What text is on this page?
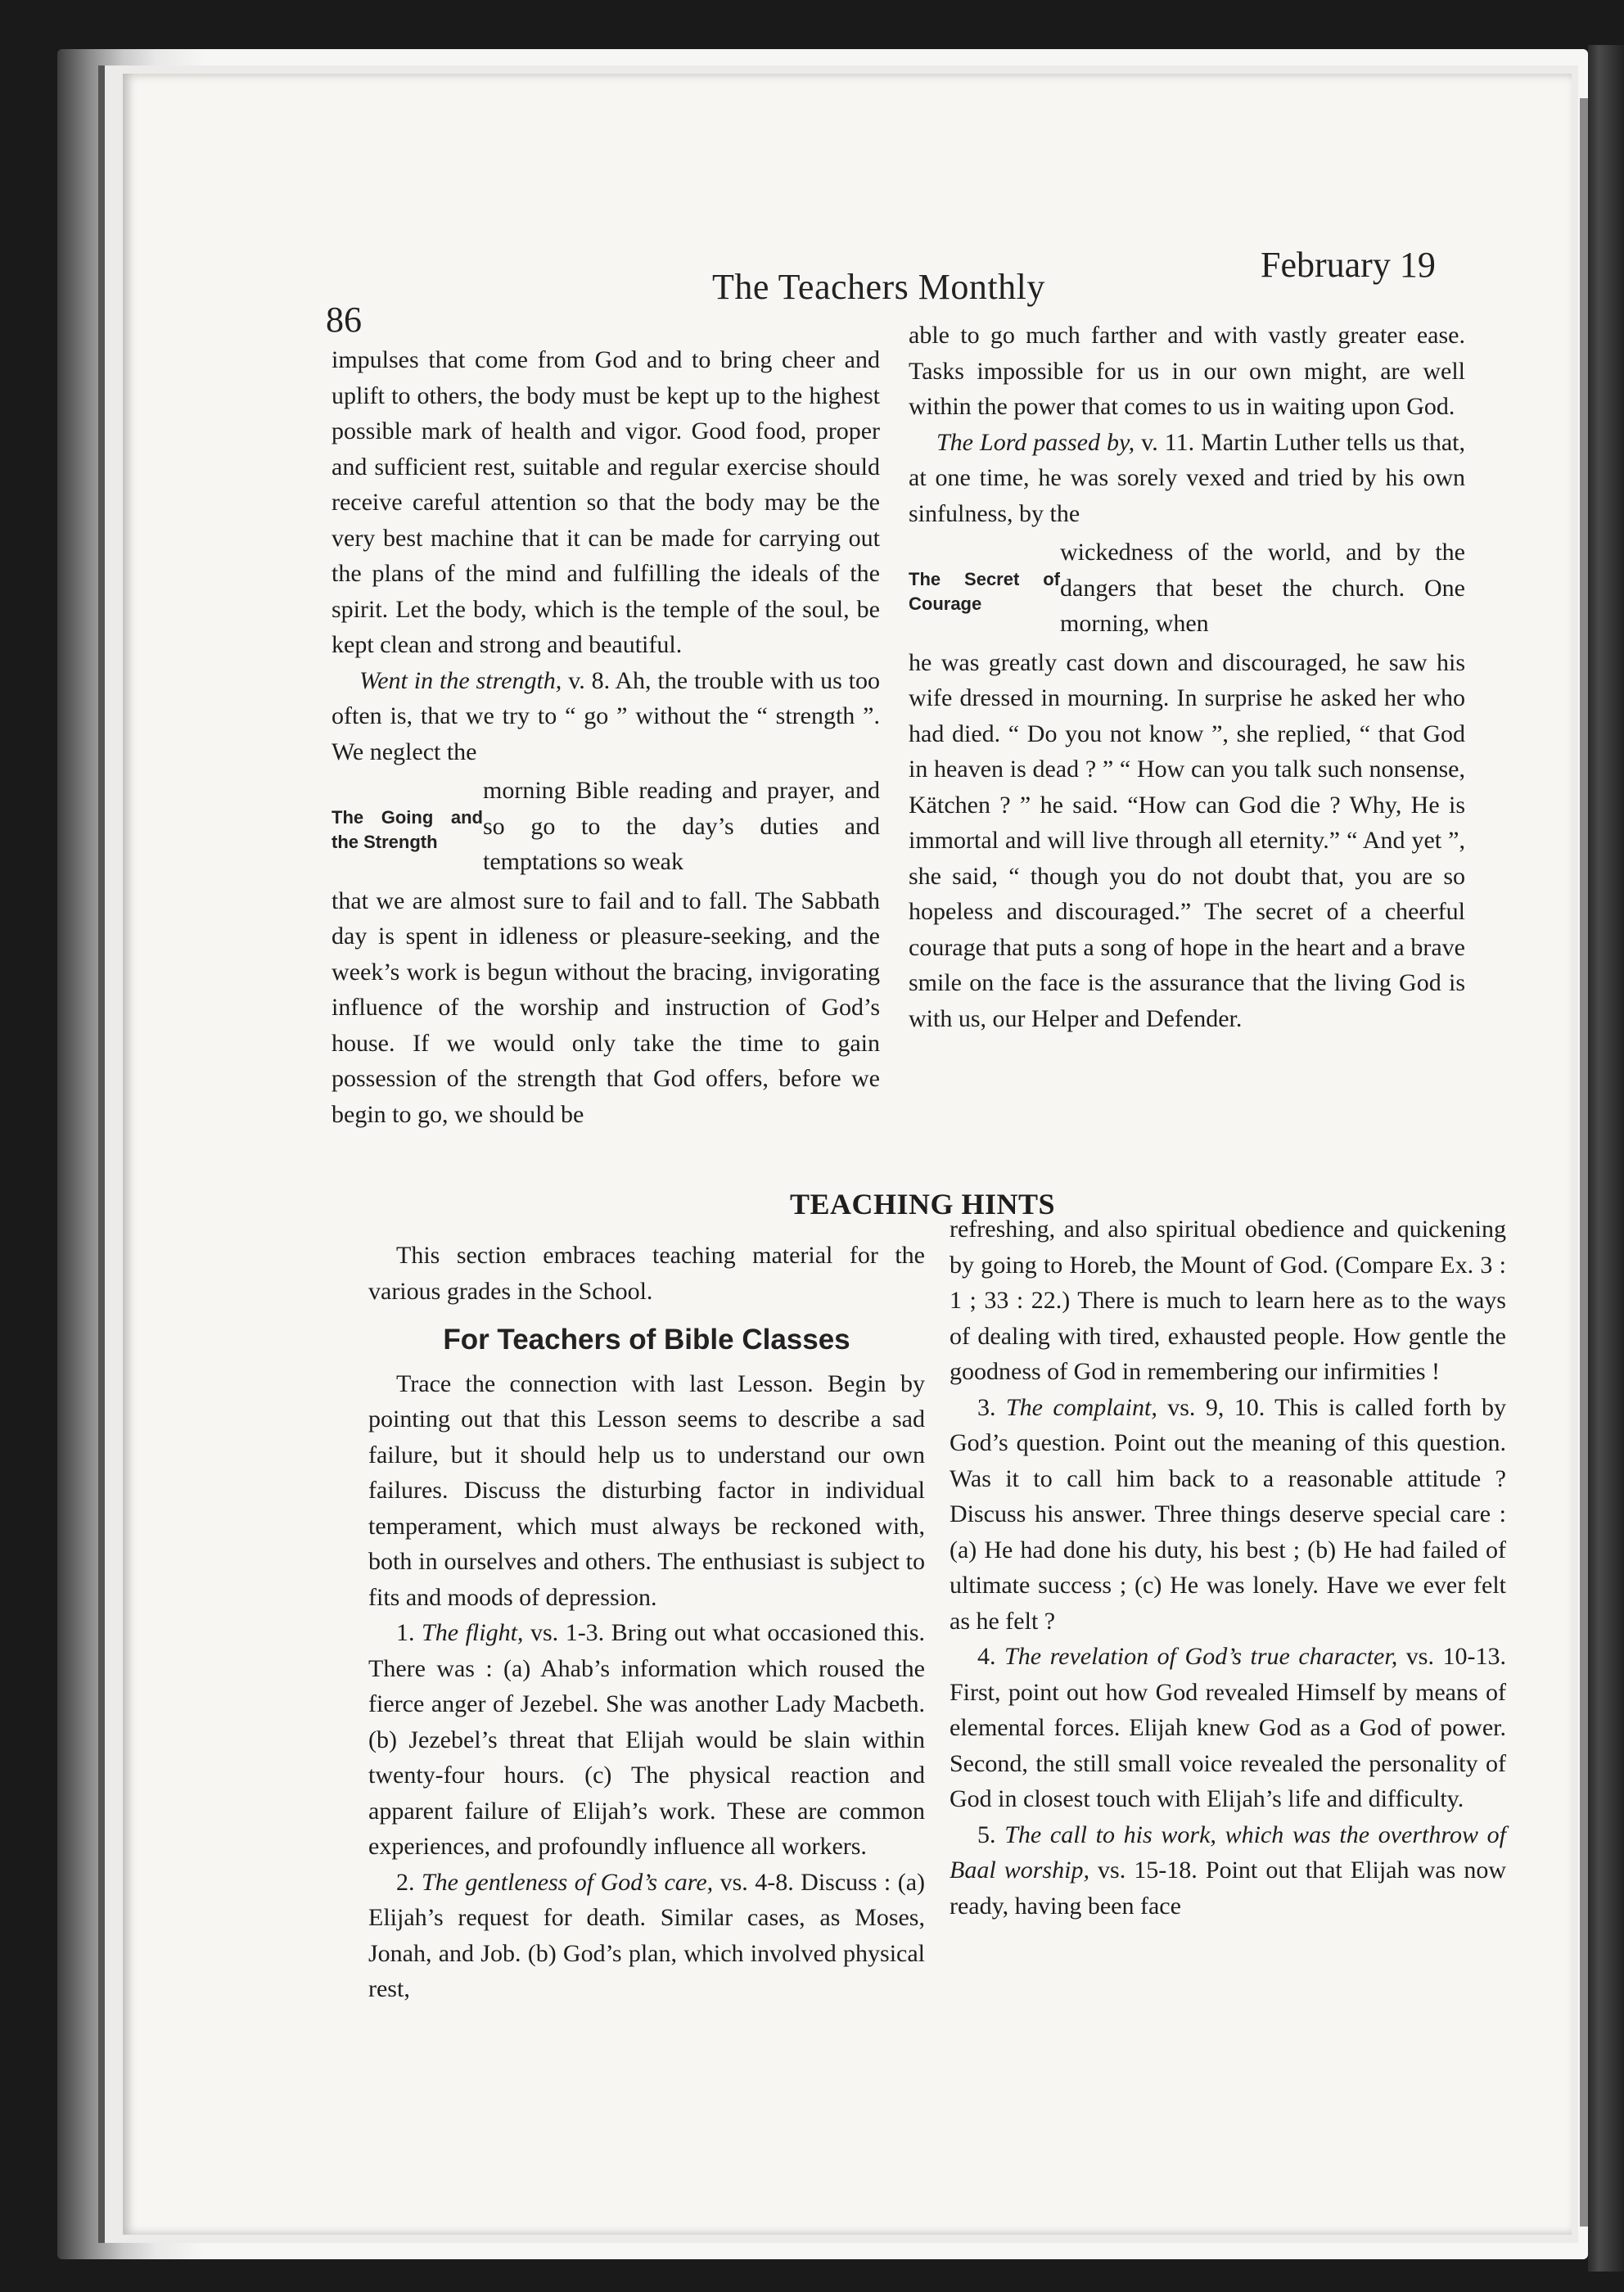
86
The Teachers Monthly
February 19

impulses that come from God and to bring cheer and uplift to others, the body must be kept up to the highest possible mark of health and vigor. Good food, proper and sufficient rest, suitable and regular exercise should receive careful attention so that the body may be the very best machine that it can be made for carrying out the plans of the mind and fulfilling the ideals of the spirit. Let the body, which is the temple of the soul, be kept clean and strong and beautiful.

Went in the strength, v. 8. Ah, the trouble with us too often is, that we try to “ go ” without the “ strength ”. We neglect the

The Going and the Strength

morning Bible reading and prayer, and so go to the day’s duties and temptations so weak

that we are almost sure to fail and to fall. The Sabbath day is spent in idleness or pleasure-seeking, and the week’s work is begun without the bracing, invigorating influence of the worship and instruction of God’s house. If we would only take the time to gain possession of the strength that God offers, before we begin to go, we should be

able to go much farther and with vastly greater ease. Tasks impossible for us in our own might, are well within the power that comes to us in waiting upon God.

The Lord passed by, v. 11. Martin Luther tells us that, at one time, he was sorely vexed and tried by his own sinfulness, by the

The Secret of Courage

wickedness of the world, and by the dangers that beset the church. One morning, when

he was greatly cast down and discouraged, he saw his wife dressed in mourning. In surprise he asked her who had died. “ Do you not know ”, she replied, “ that God in heaven is dead ? ” “ How can you talk such nonsense, Kätchen ? ” he said. “How can God die ? Why, He is immortal and will live through all eternity.” “ And yet ”, she said, “ though you do not doubt that, you are so hopeless and discouraged.” The secret of a cheerful courage that puts a song of hope in the heart and a brave smile on the face is the assurance that the living God is with us, our Helper and Defender.

TEACHING HINTS

This section embraces teaching material for the various grades in the School.

For Teachers of Bible Classes

Trace the connection with last Lesson. Begin by pointing out that this Lesson seems to describe a sad failure, but it should help us to understand our own failures. Discuss the disturbing factor in individual temperament, which must always be reckoned with, both in ourselves and others. The enthusiast is subject to fits and moods of depression.

1. The flight, vs. 1-3. Bring out what occasioned this. There was : (a) Ahab’s information which roused the fierce anger of Jezebel. She was another Lady Macbeth. (b) Jezebel’s threat that Elijah would be slain within twenty-four hours. (c) The physical reaction and apparent failure of Elijah’s work. These are common experiences, and profoundly influence all workers.

2. The gentleness of God’s care, vs. 4-8. Discuss : (a) Elijah’s request for death. Similar cases, as Moses, Jonah, and Job. (b) God’s plan, which involved physical rest,

refreshing, and also spiritual obedience and quickening by going to Horeb, the Mount of God. (Compare Ex. 3 : 1 ; 33 : 22.) There is much to learn here as to the ways of dealing with tired, exhausted people. How gentle the goodness of God in remembering our infirmities !

3. The complaint, vs. 9, 10. This is called forth by God’s question. Point out the meaning of this question. Was it to call him back to a reasonable attitude ? Discuss his answer. Three things deserve special care : (a) He had done his duty, his best ; (b) He had failed of ultimate success ; (c) He was lonely. Have we ever felt as he felt ?

4. The revelation of God’s true character, vs. 10-13. First, point out how God revealed Himself by means of elemental forces. Elijah knew God as a God of power. Second, the still small voice revealed the personality of God in closest touch with Elijah’s life and difficulty.

5. The call to his work, which was the overthrow of Baal worship, vs. 15-18. Point out that Elijah was now ready, having been face
